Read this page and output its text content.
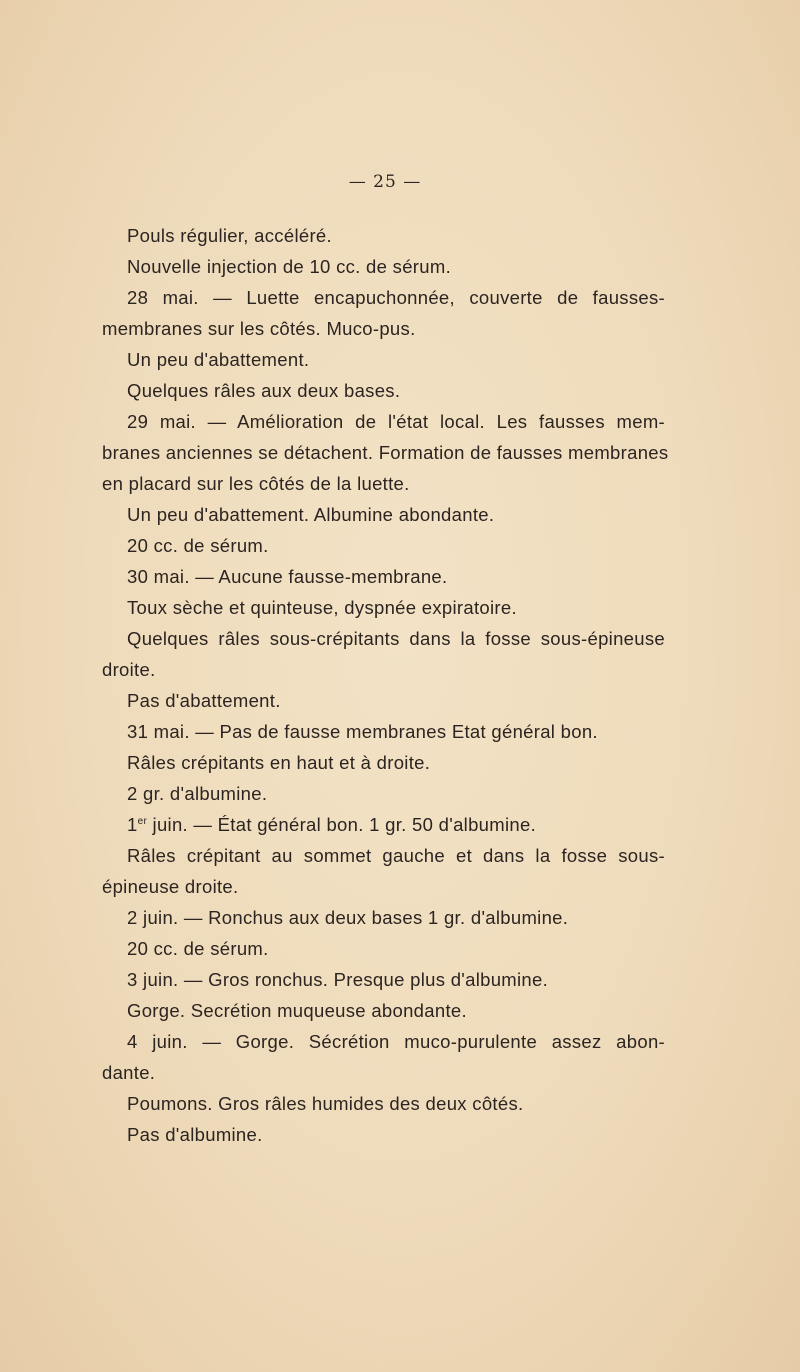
— 25 —
Pouls régulier, accéléré.
Nouvelle injection de 10 cc. de sérum.
28 mai. — Luette encapuchonnée, couverte de fausses-
membranes sur les côtés. Muco-pus.
Un peu d'abattement.
Quelques râles aux deux bases.
29 mai. — Amélioration de l'état local. Les fausses mem-
branes anciennes se détachent. Formation de fausses membranes
en placard sur les côtés de la luette.
Un peu d'abattement. Albumine abondante.
20 cc. de sérum.
30 mai. — Aucune fausse-membrane.
Toux sèche et quinteuse, dyspnée expiratoire.
Quelques râles sous-crépitants dans la fosse sous-épineuse
droite.
Pas d'abattement.
31 mai. — Pas de fausse membranes Etat général bon.
Râles crépitants en haut et à droite.
2 gr. d'albumine.
1er juin. — État général bon. 1 gr. 50 d'albumine.
Râles crépitant au sommet gauche et dans la fosse sous-
épineuse droite.
2 juin. — Ronchus aux deux bases 1 gr. d'albumine.
20 cc. de sérum.
3 juin. — Gros ronchus. Presque plus d'albumine.
Gorge. Secrétion muqueuse abondante.
4 juin. — Gorge. Sécrétion muco-purulente assez abon-
dante.
Poumons. Gros râles humides des deux côtés.
Pas d'albumine.
